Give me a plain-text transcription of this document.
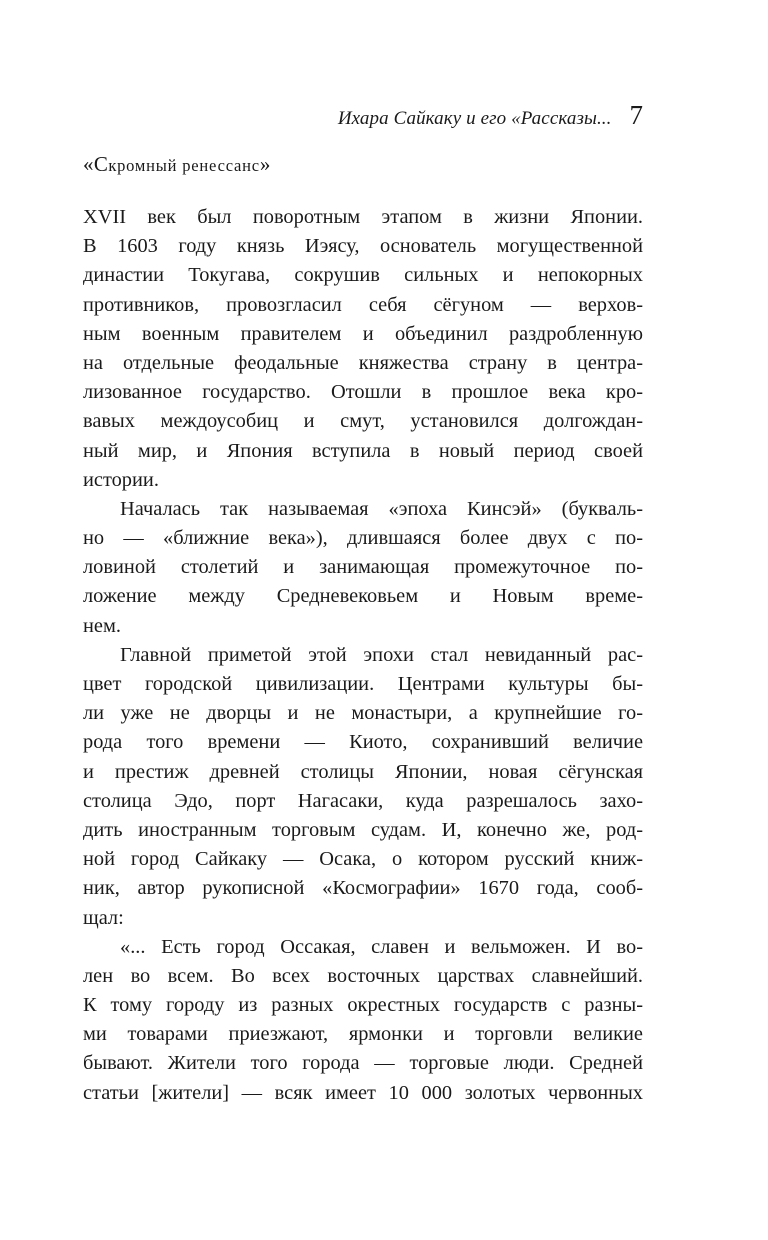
Ихара Сайкаку и его «Рассказы... 7
«Скромный ренессанс»
XVII век был поворотным этапом в жизни Японии.
В 1603 году князь Иэясу, основатель могущественной
династии Токугава, сокрушив сильных и непокорных
противников, провозгласил себя сёгуном — верхов-
ным военным правителем и объединил раздробленную
на отдельные феодальные княжества страну в центра-
лизованное государство. Отошли в прошлое века кро-
вавых междоусобиц и смут, установился долгождан-
ный мир, и Япония вступила в новый период своей
истории.
Началась так называемая «эпоха Кинсэй» (букваль-
но — «ближние века»), длившаяся более двух с по-
ловиной столетий и занимающая промежуточное по-
ложение между Средневековьем и Новым време-
нем.
Главной приметой этой эпохи стал невиданный рас-
цвет городской цивилизации. Центрами культуры бы-
ли уже не дворцы и не монастыри, а крупнейшие го-
рода того времени — Киото, сохранивший величие
и престиж древней столицы Японии, новая сёгунская
столица Эдо, порт Нагасаки, куда разрешалось захо-
дить иностранным торговым судам. И, конечно же, род-
ной город Сайкаку — Осака, о котором русский книж-
ник, автор рукописной «Космографии» 1670 года, сооб-
щал:
«... Есть город Оссакая, славен и вельможен. И во-
лен во всем. Во всех восточных царствах славнейший.
К тому городу из разных окрестных государств с разны-
ми товарами приезжают, ярмонки и торговли великие
бывают. Жители того города — торговые люди. Средней
статьи [жители] — всяк имеет 10 000 золотых червонных
